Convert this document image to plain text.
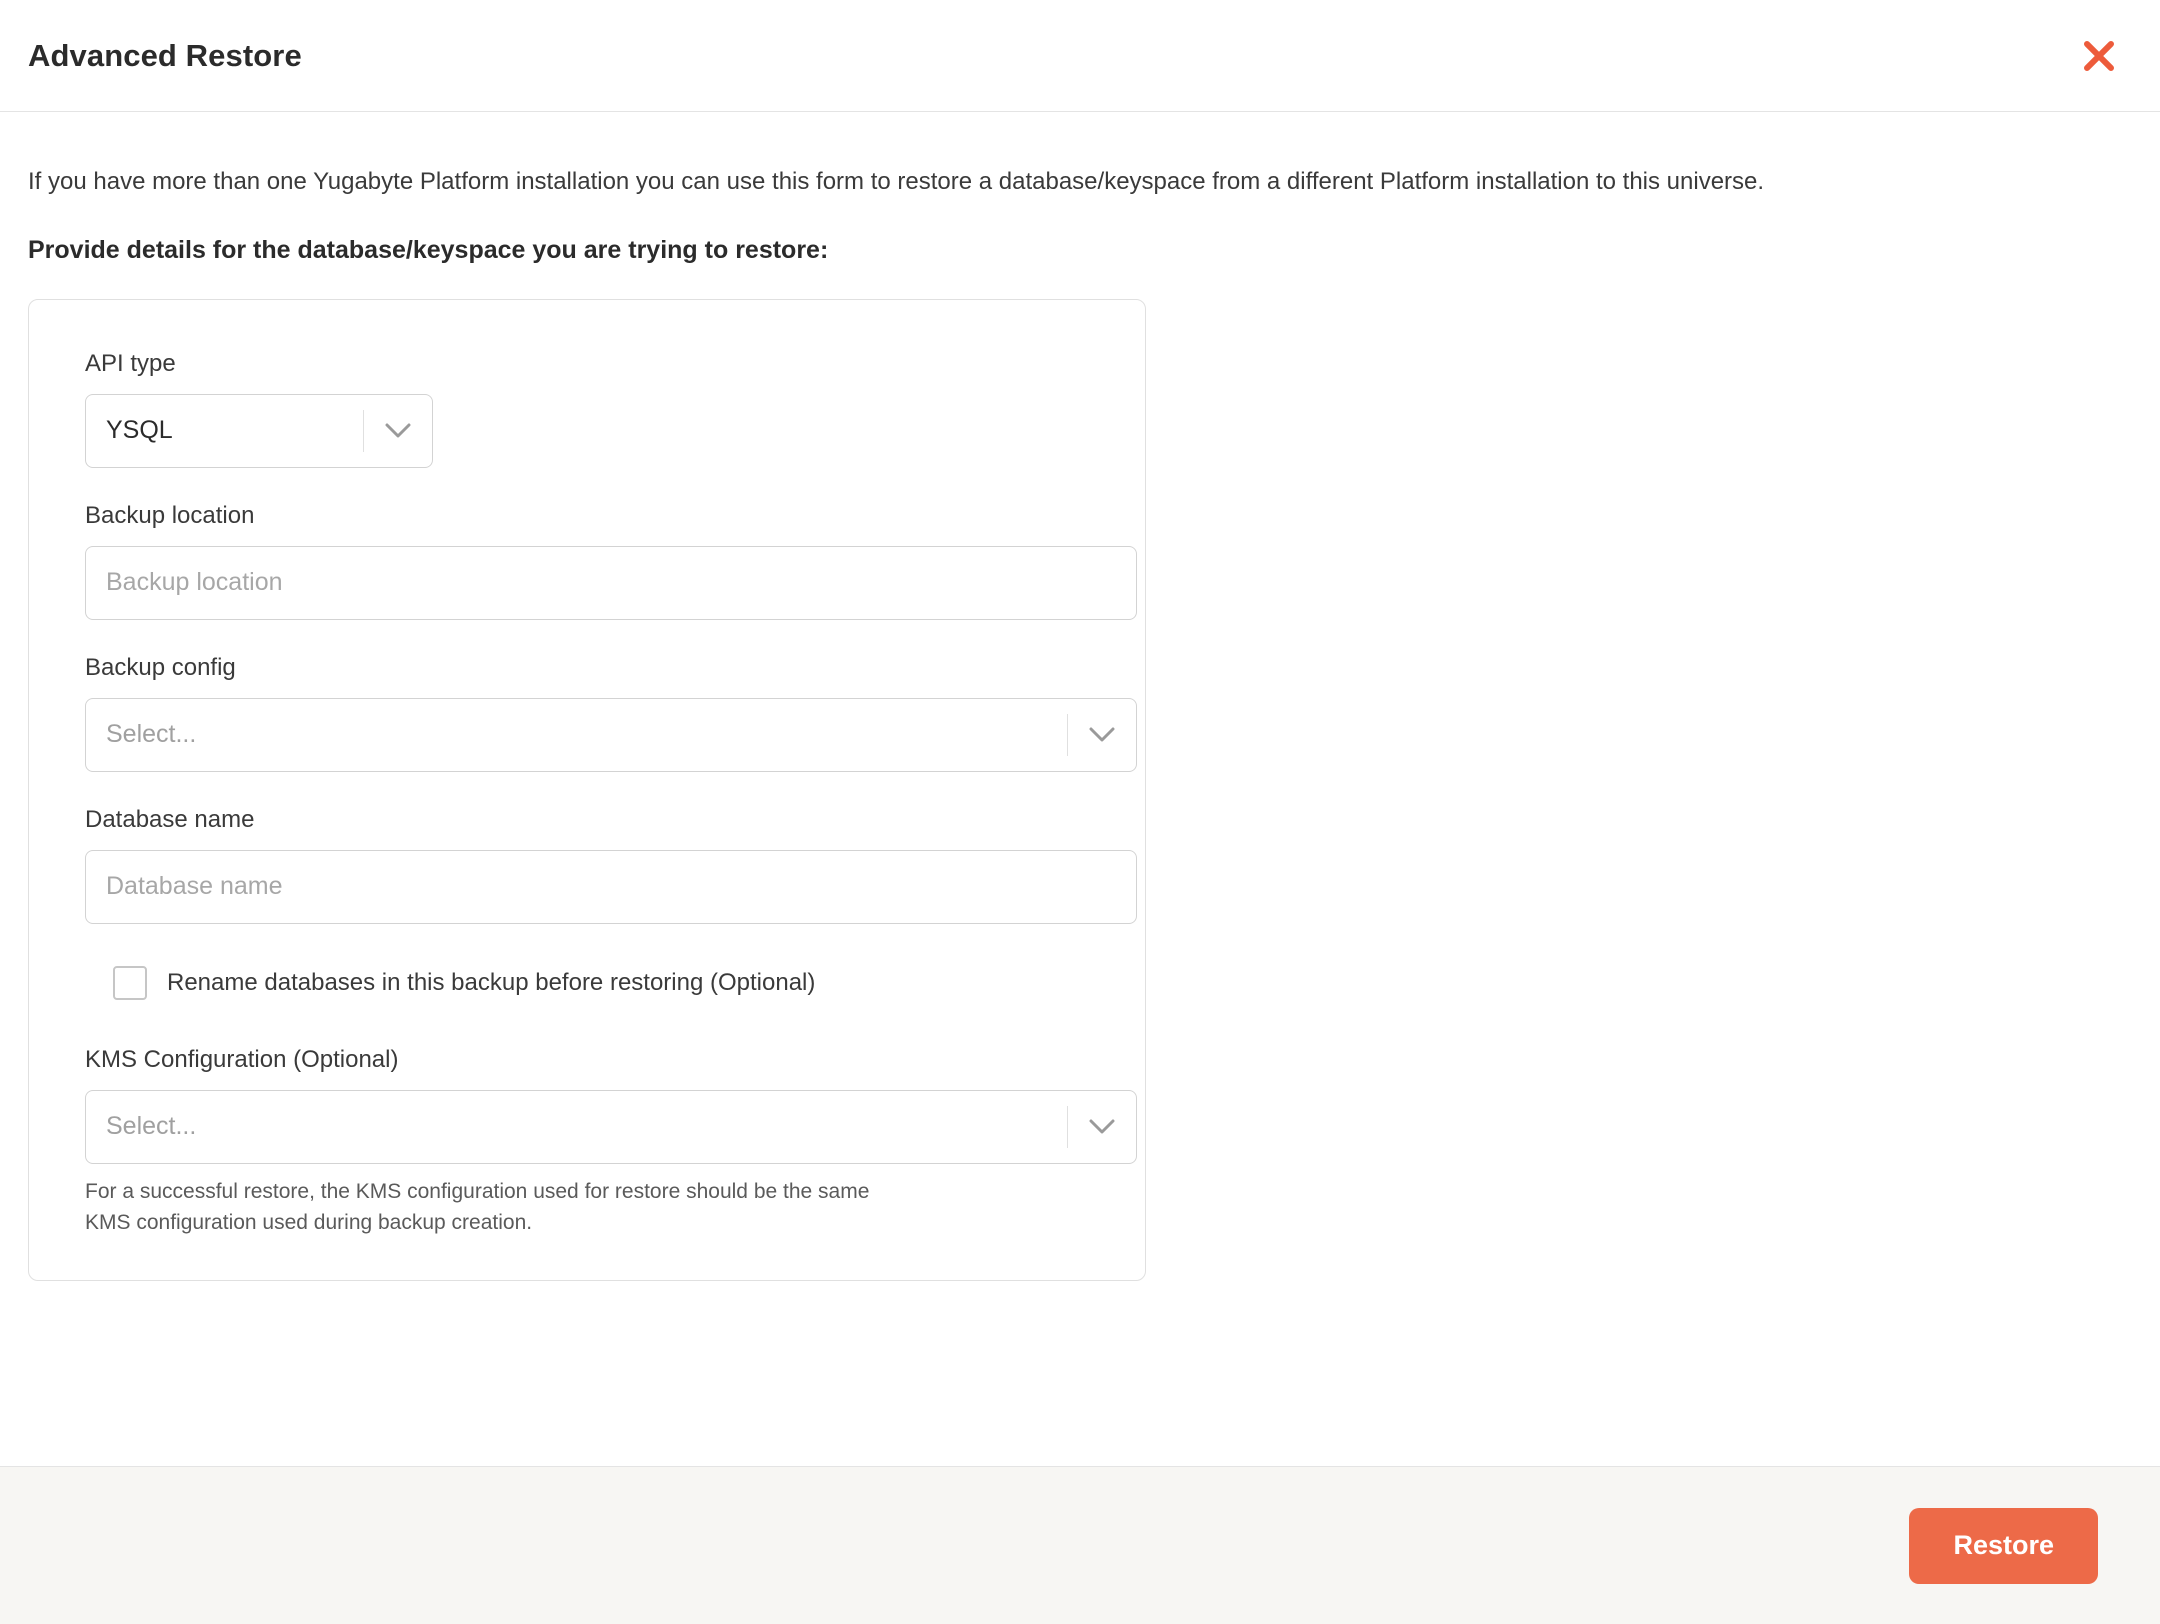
Advanced Restore

If you have more than one Yugabyte Platform installation you can use this form to restore a database/keyspace from a different Platform installation to this universe.

Provide details for the database/keyspace you are trying to restore:
API type
YSQL
Backup location
Backup location
Backup config
Select...
Database name
Database name
Rename databases in this backup before restoring (Optional)
KMS Configuration (Optional)
Select...
For a successful restore, the KMS configuration used for restore should be the same
KMS configuration used during backup creation.
Restore
